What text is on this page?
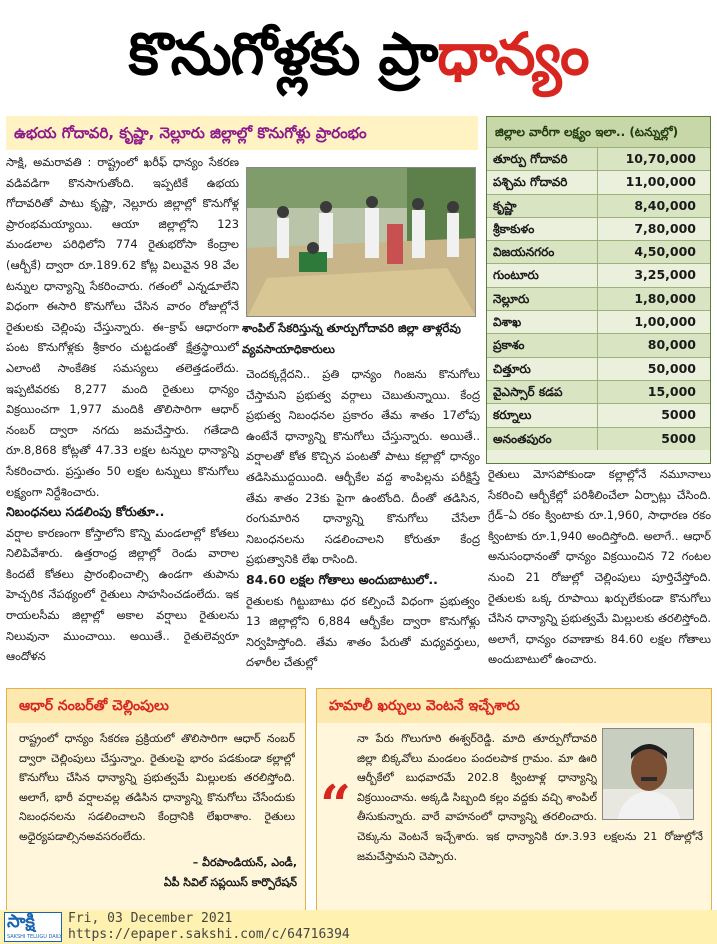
కొనుగోళ్లకు ప్రాధాన్యం
ఉభయ గోదావరి, కృష్ణా, నెల్లూరు జిల్లాల్లో కొనుగోళ్లు ప్రారంభం
సాక్షి, అమరావతి : రాష్ట్రంలో ఖరీఫ్ ధాన్యం సేకరణ వడివడిగా కొనసాగుతోంది. ఇప్పటికే ఉభయ గోదావరితో పాటు కృష్ణా, నెల్లూరు జిల్లాల్లో కొనుగోళ్ల ప్రారంభమయ్యాయి. ఆయా జిల్లాల్లోని 123 మండలాల పరిధిలోని 774 రైతుభరోసా కేంద్రాల (ఆర్బీకే) ద్వారా రూ.189.62 కోట్ల విలువైన 98 వేల టన్నుల ధాన్యాన్ని సేకరించారు. గతంలో ఎన్నడూలేని విధంగా ఈసారి కొనుగోలు చేసిన వారం రోజుల్లోనే రైతులకు చెల్లింపు చేస్తున్నారు. ఈ–క్రాప్ ఆధారంగా పంట కొనుగోళ్లకు శ్రీకారం చుట్టడంతో క్షేత్రస్థాయిలో ఎలాంటి సాంకేతిక సమస్యలు తలెత్తడంలేదు. ఇప్పటివరకు 8,277 మంది రైతులు ధాన్యం విక్రయించగా 1,977 మందికి తొలిసారిగా ఆధార్ నంబర్ ద్వారా నగదు జమచేస్తారు. గతేడాది రూ.8,868 కోట్లతో 47.33 లక్షల టన్నుల ధాన్యాన్ని సేకరించారు. ప్రస్తుతం 50 లక్షల టన్నులు కొనుగోలు లక్ష్యంగా నిర్దేశించారు.
నిబంధనలు సడలింపు కోరుతూ..
వర్షాల కారణంగా కోస్తాలోని కొన్ని మండలాల్లో కోతలు నిలిపివేశారు. ఉత్తరాంధ్ర జిల్లాల్లో రెండు వారాల కిందటే కోతలు ప్రారంభించాల్సి ఉండగా తుపాను హెచ్చరిక నేపథ్యంలో రైతులు సాహసించడంలేదు. ఇక రాయలసీమ జిల్లాల్లో అకాల వర్షాలు రైతులను నిలువునా ముంచాయి. అయితే.. రైతులెవ్వరూ ఆందోళన
శాంపిల్ సేకరిస్తున్న తూర్పుగోదావరి జిల్లా తాళ్లరేవు వ్యవసాయాధికారులు
చెందక్కర్లేదని.. ప్రతి ధాన్యం గింజను కొనుగోలు చేస్తామని ప్రభుత్వ వర్గాలు చెబుతున్నాయి. కేంద్ర ప్రభుత్వ నిబంధనల ప్రకారం తేమ శాతం 17లోపు ఉంటేనే ధాన్యాన్ని కొనుగోలు చేస్తున్నారు. అయితే.. వర్షాలతో కోత కొచ్చిన పంటతో పాటు కల్లాల్లో ధాన్యం తడిసిముద్దయింది. ఆర్బీకేల వద్ద శాంపిల్లను పరీక్షిస్తే తేమ శాతం 23కు పైగా ఉంటోంది. దీంతో తడిసిన, రంగుమారిన ధాన్యాన్ని కొనుగోలు చేసేలా నిబంధనలను సడలించాలని కోరుతూ కేంద్ర ప్రభుత్వానికి లేఖ రాసింది.
84.60 లక్షల గోతాలు అందుబాటులో..
రైతులకు గిట్టుబాటు ధర కల్పించే విధంగా ప్రభుత్వం 13 జిల్లాల్లోని 6,884 ఆర్బీకేల ద్వారా కొనుగోళ్లు నిర్వహిస్తోంది. తేమ శాతం పేరుతో మధ్యవర్తులు, దళారీల చేతుల్లో
జిల్లాల వారీగా లక్ష్యం ఇలా.. (టన్నుల్లో)
తూర్పు గోదావరి	10,70,000
పశ్చిమ గోదావరి	11,00,000
కృష్ణా	8,40,000
శ్రీకాకుళం	7,80,000
విజయనగరం	4,50,000
గుంటూరు	3,25,000
నెల్లూరు	1,80,000
విశాఖ	1,00,000
ప్రకాశం	80,000
చిత్తూరు	50,000
వైఎస్సార్ కడప	15,000
కర్నూలు	5000
అనంతపురం	5000
రైతులు మోసపోకుండా కల్లాల్లోనే నమూనాలు సేకరించి ఆర్బీకేల్లో పరిశీలించేలా ఏర్పాట్లు చేసింది. గ్రేడ్–ఏ రకం క్వింటాకు రూ.1,960, సాధారణ రకం క్వింటాకు రూ.1,940 అందిస్తోంది. అలాగే.. ఆధార్ అనుసంధానంతో ధాన్యం విక్రయించిన 72 గంటల నుంచి 21 రోజుల్లో చెల్లింపులు పూర్తిచేస్తోంది. రైతులకు ఒక్క రూపాయి ఖర్చులేకుండా కొనుగోలు చేసిన ధాన్యాన్ని ప్రభుత్వమే మిల్లులకు తరలిస్తోంది. అలాగే, ధాన్యం రవాణాకు 84.60 లక్షల గోతాలు అందుబాటులో ఉంచారు.
ఆధార్ నంబర్‌తో చెల్లింపులు
రాష్ట్రంలో ధాన్యం సేకరణ ప్రక్రియలో తొలిసారిగా ఆధార్ నంబర్ ద్వారా చెల్లింపులు చేస్తున్నాం. రైతులపై భారం పడకుండా కల్లాల్లో కొనుగోలు చేసిన ధాన్యాన్ని ప్రభుత్వమే మిల్లులకు తరలిస్తోంది. అలాగే, భారీ వర్షాలవల్ల తడిసిన ధాన్యాన్ని కొనుగోలు చేసేందుకు నిబంధనలను సడలించాలని కేంద్రానికి లేఖరాశాం. రైతులు అధైర్యపడాల్సినఅవసరంలేదు.
– వీరపాండియన్, ఎండీ,
ఏపీ సివిల్ సప్లయిస్ కార్పొరేషన్
హమాలీ ఖర్చులు వెంటనే ఇచ్చేశారు
నా పేరు గొలుగూరి ఈశ్వర్‌రెడ్డి. మాది తూర్పుగోదావరి జిల్లా బిక్కవోలు మండలం పందలపాక గ్రామం. మా ఊరి ఆర్బీకేలో బుధవారమే 202.8 క్వింటాళ్ల ధాన్యాన్ని విక్రయించాను. అక్కడి సిబ్బంది కల్లం వద్దకు వచ్చి శాంపిల్ తీసుకున్నారు. వారే వాహనంలో ధాన్యాన్ని తరలించారు.
చెక్కును వెంటనే ఇచ్చేశారు. ఇక ధాన్యానికి రూ.3.93 లక్షలను 21 రోజుల్లోనే జమచేస్తామని చెప్పారు.
“
సాక్షి
SAKSHI TELUGU DAILY
Fri, 03 December 2021
https://epaper.sakshi.com/c/64716394
